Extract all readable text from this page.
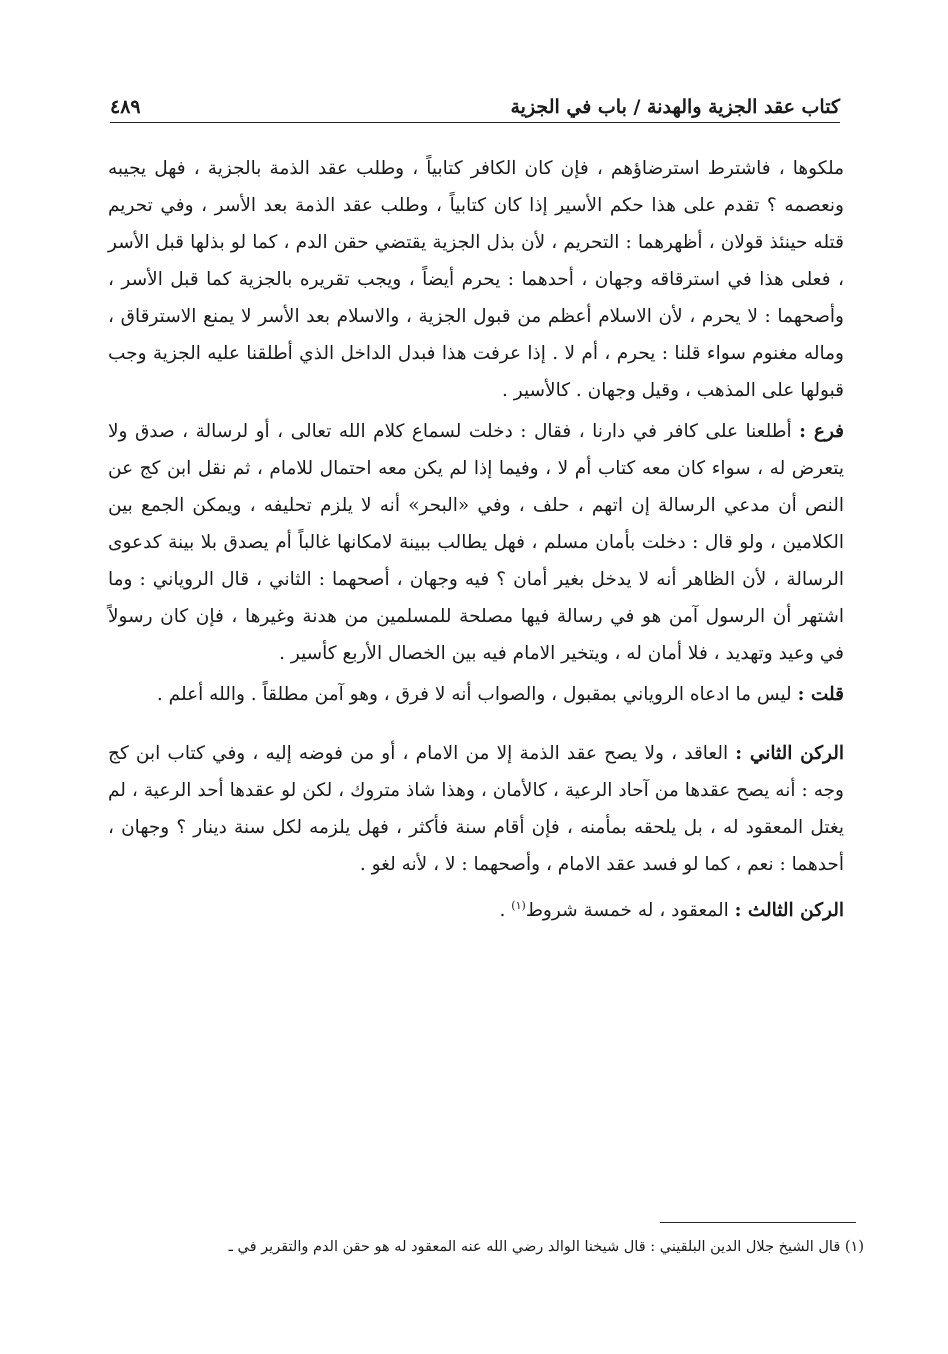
كتاب عقد الجزية والهدنة / باب في الجزية
٤٨٩

ملكوها ، فاشترط استرضاؤهم ، فإن كان الكافر كتابياً ، وطلب عقد الذمة بالجزية ، فهل يجيبه ونعصمه ؟ تقدم على هذا حكم الأسير إذا كان كتابياً ، وطلب عقد الذمة بعد الأسر ، وفي تحريم قتله حينئذ قولان ، أظهرهما : التحريم ، لأن بذل الجزية يقتضي حقن الدم ، كما لو بذلها قبل الأسر ، فعلى هذا في استرقاقه وجهان ، أحدهما : يحرم أيضاً ، ويجب تقريره بالجزية كما قبل الأسر ، وأصحهما : لا يحرم ، لأن الاسلام أعظم من قبول الجزية ، والاسلام بعد الأسر لا يمنع الاسترقاق ، وماله مغنوم سواء قلنا : يحرم ، أم لا . إذا عرفت هذا فبدل الداخل الذي أطلقنا عليه الجزية وجب قبولها على المذهب ، وقيل وجهان . كالأسير .

فرع : أطلعنا على كافر في دارنا ، فقال : دخلت لسماع كلام الله تعالى ، أو لرسالة ، صدق ولا يتعرض له ، سواء كان معه كتاب أم لا ، وفيما إذا لم يكن معه احتمال للامام ، ثم نقل ابن كج عن النص أن مدعي الرسالة إن اتهم ، حلف ، وفي «البحر» أنه لا يلزم تحليفه ، ويمكن الجمع بين الكلامين ، ولو قال : دخلت بأمان مسلم ، فهل يطالب ببينة لامكانها غالباً أم يصدق بلا بينة كدعوى الرسالة ، لأن الظاهر أنه لا يدخل بغير أمان ؟ فيه وجهان ، أصحهما : الثاني ، قال الروياني : وما اشتهر أن الرسول آمن هو في رسالة فيها مصلحة للمسلمين من هدنة وغيرها ، فإن كان رسولاً في وعيد وتهديد ، فلا أمان له ، ويتخير الامام فيه بين الخصال الأربع كأسير .

قلت : ليس ما ادعاه الروياني بمقبول ، والصواب أنه لا فرق ، وهو آمن مطلقاً . والله أعلم .

الركن الثاني : العاقد ، ولا يصح عقد الذمة إلا من الامام ، أو من فوضه إليه ، وفي كتاب ابن كج وجه : أنه يصح عقدها من آحاد الرعية ، كالأمان ، وهذا شاذ متروك ، لكن لو عقدها أحد الرعية ، لم يغتل المعقود له ، بل يلحقه بمأمنه ، فإن أقام سنة فأكثر ، فهل يلزمه لكل سنة دينار ؟ وجهان ، أحدهما : نعم ، كما لو فسد عقد الامام ، وأصحهما : لا ، لأنه لغو .

الركن الثالث : المعقود ، له خمسة شروط$^{(١)}$ .

(١) قال الشيخ جلال الدين البلقيني : قال شيخنا الوالد رضي الله عنه المعقود له هو حقن الدم والتقرير في ـ
